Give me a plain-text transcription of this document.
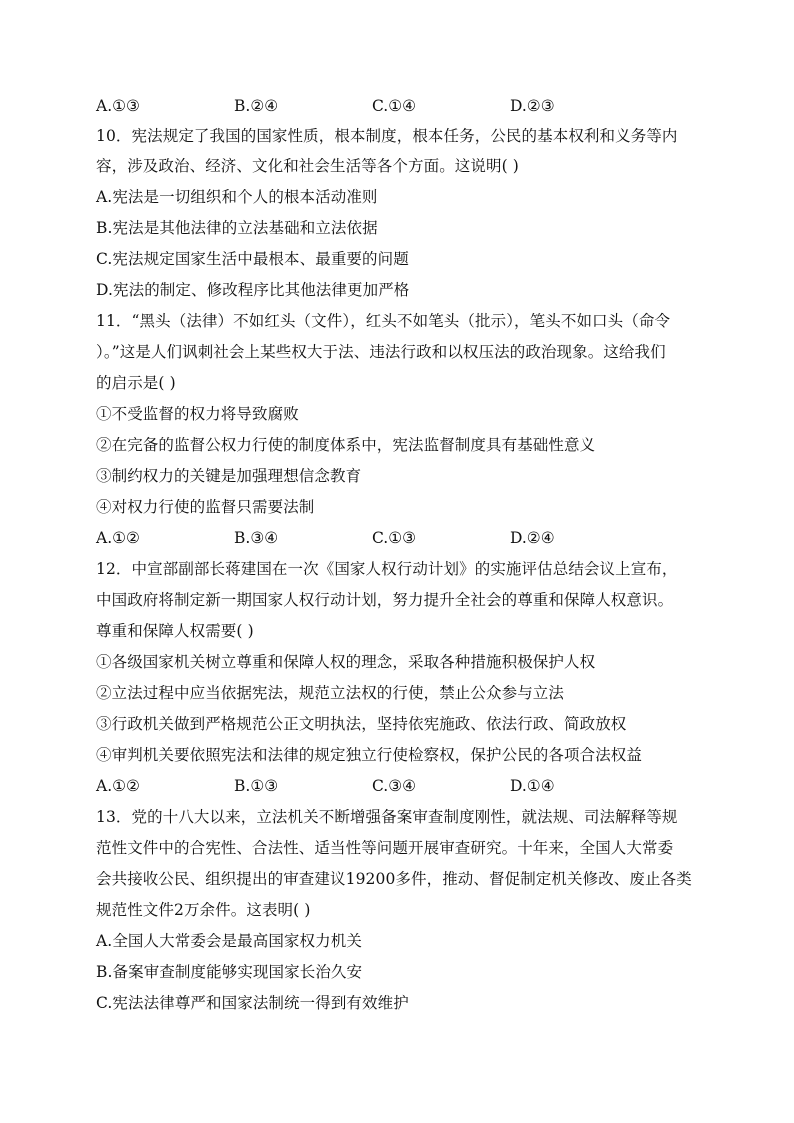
A.①③	B.②④	C.①④	D.②③
10．宪法规定了我国的国家性质，根本制度，根本任务，公民的基本权利和义务等内
容，涉及政治、经济、文化和社会生活等各个方面。这说明( )
A.宪法是一切组织和个人的根本活动准则
B.宪法是其他法律的立法基础和立法依据
C.宪法规定国家生活中最根本、最重要的问题
D.宪法的制定、修改程序比其他法律更加严格
11．“黑头（法律）不如红头（文件），红头不如笔头（批示），笔头不如口头（命令
）。”这是人们讽刺社会上某些权大于法、违法行政和以权压法的政治现象。这给我们
的启示是( )
①不受监督的权力将导致腐败
②在完备的监督公权力行使的制度体系中，宪法监督制度具有基础性意义
③制约权力的关键是加强理想信念教育
④对权力行使的监督只需要法制
A.①②	B.③④	C.①③	D.②④
12．中宣部副部长蒋建国在一次《国家人权行动计划》的实施评估总结会议上宣布，
中国政府将制定新一期国家人权行动计划，努力提升全社会的尊重和保障人权意识。
尊重和保障人权需要( )
①各级国家机关树立尊重和保障人权的理念，采取各种措施积极保护人权
②立法过程中应当依据宪法，规范立法权的行使，禁止公众参与立法
③行政机关做到严格规范公正文明执法，坚持依宪施政、依法行政、简政放权
④审判机关要依照宪法和法律的规定独立行使检察权，保护公民的各项合法权益
A.①②	B.①③	C.③④	D.①④
13．党的十八大以来，立法机关不断增强备案审查制度刚性，就法规、司法解释等规
范性文件中的合宪性、合法性、适当性等问题开展审查研究。十年来，全国人大常委
会共接收公民、组织提出的审查建议19200多件，推动、督促制定机关修改、废止各类
规范性文件2万余件。这表明( )
A.全国人大常委会是最高国家权力机关
B.备案审查制度能够实现国家长治久安
C.宪法法律尊严和国家法制统一得到有效维护
